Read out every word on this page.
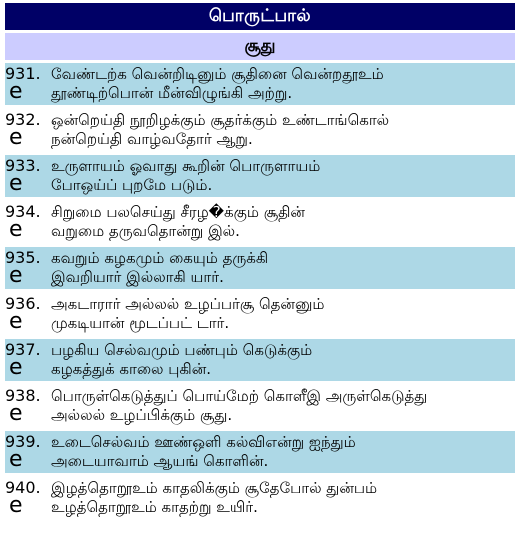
பொருட்பால்
சூது
931.
e
வேண்டற்க வென்றிடினும் சூதினை வென்றதூஉம்
தூண்டிற்பொன் மீன்விழுங்கி அற்று.
932.
e
ஒன்றெய்தி நூறிழக்கும் சூதர்க்கும் உண்டாங்கொல்
நன்றெய்தி வாழ்வதோர் ஆறு.
933.
e
உருளாயம் ஓவாது கூறின் பொருளாயம்
போஒய்ப் புறமே படும்.
934.
e
சிறுமை பலசெய்து சீரழ�க்கும் சூதின்
வறுமை தருவதொன்று இல்.
935.
e
கவறும் கழகமும் கையும் தருக்கி
இவறியார் இல்லாகி யார்.
936.
e
அகடாரார் அல்லல் உழப்பர்சூ தென்னும்
முகடியான் மூடப்பட் டார்.
937.
e
பழகிய செல்வமும் பண்பும் கெடுக்கும்
கழகத்துக் காலை புகின்.
938.
e
பொருள்கெடுத்துப் பொய்மேற் கொளீஇ அருள்கெடுத்து
அல்லல் உழப்பிக்கும் சூது.
939.
e
உடைசெல்வம் ஊண்ஒளி கல்விஎன்று ஐந்தும்
அடையாவாம் ஆயங் கொளின்.
940.
e
இழத்தொறூஉம் காதலிக்கும் சூதேபோல் துன்பம்
உழத்தொறூஉம் காதற்று உயிர்.
